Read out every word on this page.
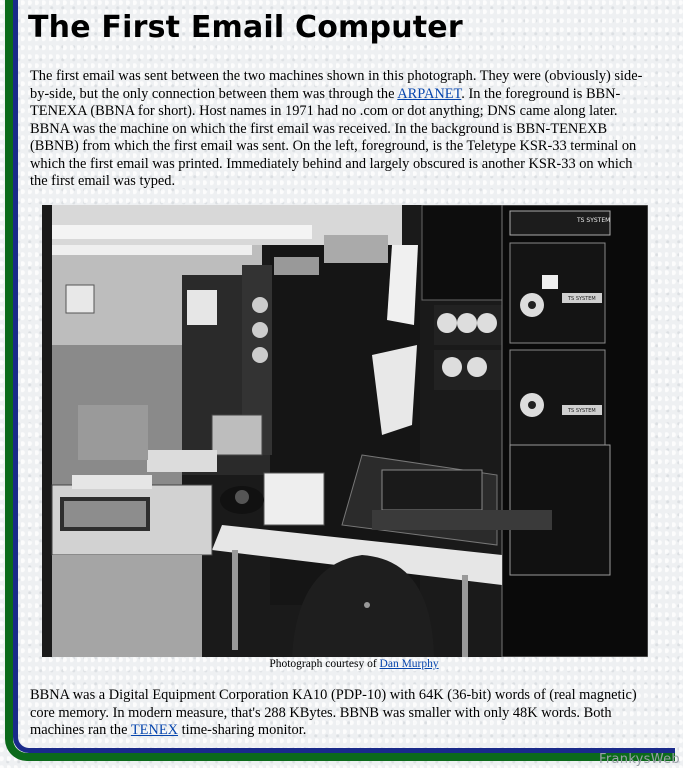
The First Email Computer

The first email was sent between the two machines shown in this photograph. They were (obviously) side-by-side, but the only connection between them was through the ARPANET. In the foreground is BBN-TENEXA (BBNA for short). Host names in 1971 had no .com or dot anything; DNS came along later. BBNA was the machine on which the first email was received. In the background is BBN-TENEXB (BBNB) from which the first email was sent. On the left, foreground, is the Teletype KSR-33 terminal on which the first email was printed. Immediately behind and largely obscured is another KSR-33 on which the first email was typed.

TS SYSTEM
TS SYSTEM
TS SYSTEM
Photograph courtesy of Dan Murphy

BBNA was a Digital Equipment Corporation KA10 (PDP-10) with 64K (36-bit) words of (real magnetic) core memory. In modern measure, that's 288 KBytes. BBNB was smaller with only 48K words. Both machines ran the TENEX time-sharing monitor.

FrankysWeb
